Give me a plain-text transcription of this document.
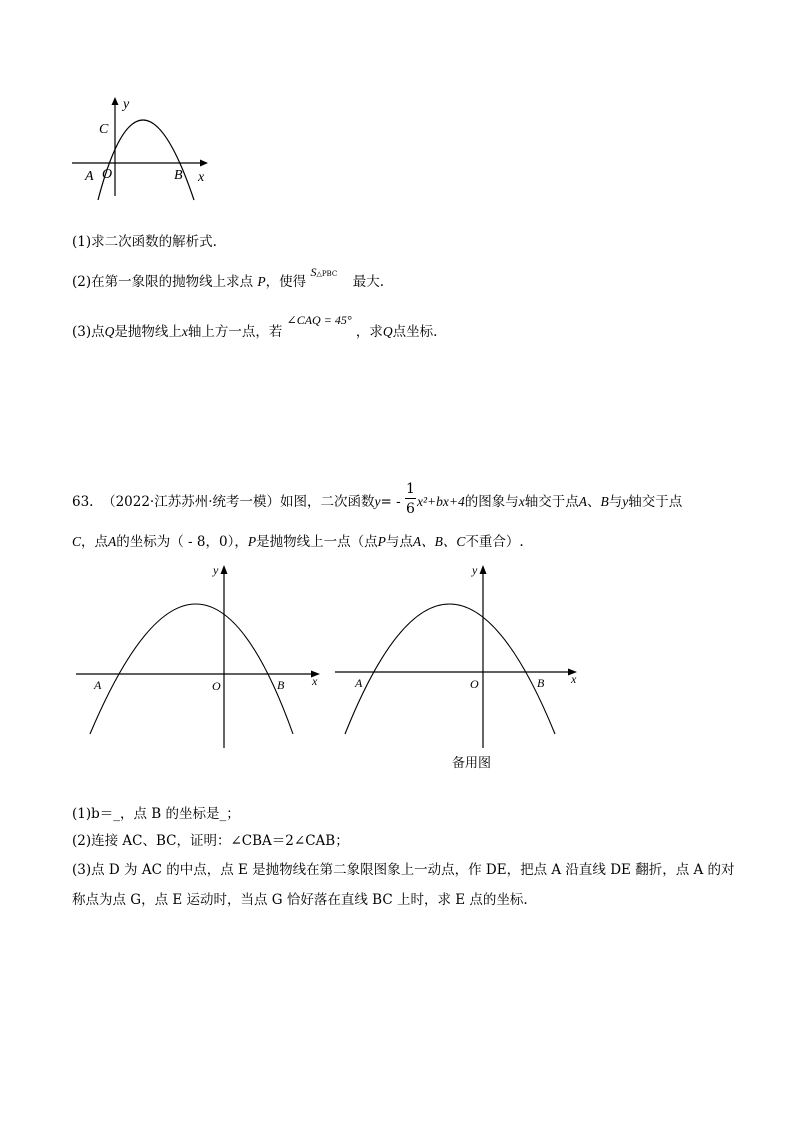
y
C
A O	B x
(1)求二次函数的解析式.
(2)在第一象限的抛物线上求点 P，使得 S△PBC 最大.
(3)点Q是抛物线上x轴上方一点，若 ∠CAQ = 45° ，求Q点坐标.
63. （2022·江苏苏州·统考一模）如图，二次函数$y= - \frac{1}{6} x^2+bx+4$的图象与x轴交于点A、B与y轴交于点
C，点A的坐标为（ - 8，0），P是抛物线上一点（点P与点A、B、C不重合）.
y
A	O	B x
y
A	O	B x
备用图
(1)b＝_，点 B 的坐标是_；
(2)连接 AC、BC，证明：∠CBA＝2∠CAB；
(3)点 D 为 AC 的中点，点 E 是抛物线在第二象限图象上一动点，作 DE，把点 A 沿直线 DE 翻折，点 A 的对
称点为点 G，点 E 运动时，当点 G 恰好落在直线 BC 上时，求 E 点的坐标.
